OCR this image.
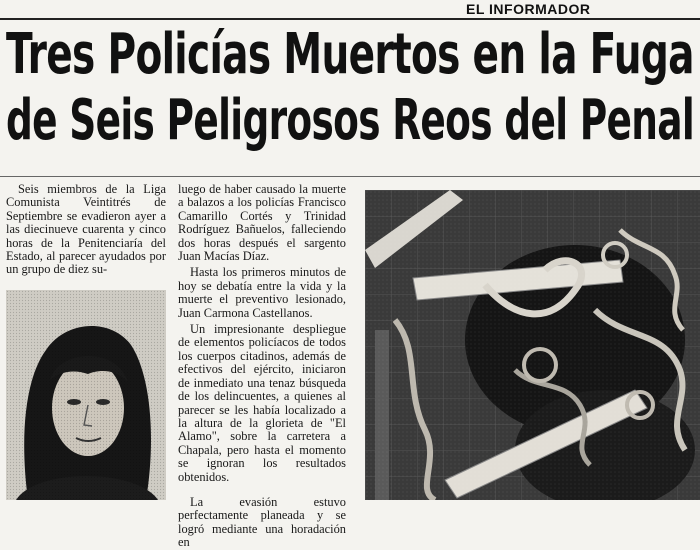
EL INFORMADOR
Tres Policías Muertos en la Fuga
de Seis Peligrosos Reos del Penal

Seis miembros de la Liga Comunista Veintitrés de Septiembre se evadieron ayer a las diecinueve cuarenta y cinco horas de la Penitenciaría del Estado, al parecer ayudados por un grupo de diez su-

luego de haber causado la muerte a balazos a los policías Francisco Camarillo Cortés y Trinidad Rodríguez Bañuelos, falleciendo dos horas después el sargento Juan Macías Díaz.

Hasta los primeros minutos de hoy se debatía entre la vida y la muerte el preventivo lesionado, Juan Carmona Castellanos.

Un impresionante despliegue de elementos policíacos de todos los cuerpos citadinos, además de efectivos del ejército, iniciaron de inmediato una tenaz búsqueda de los delincuentes, a quienes al parecer se les había localizado a la altura de la glorieta de "El Alamo", sobre la carretera a Chapala, pero hasta el momento se ignoran los resultados obtenidos.

La evasión estuvo perfectamente planeada y se logró mediante una horadación en
